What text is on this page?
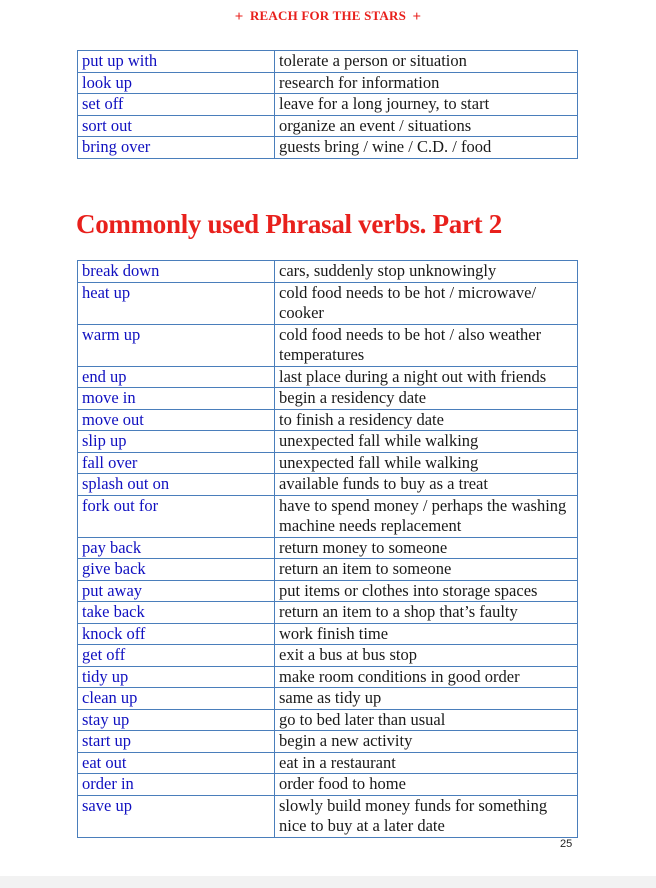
+ REACH FOR THE STARS +
put up with	tolerate a person or situation
look up	research for information
set off	leave for a long journey, to start
sort out	organize an event / situations
bring over	guests bring / wine / C.D. / food
Commonly used Phrasal verbs. Part 2
break down	cars, suddenly stop unknowingly
heat up	cold food needs to be hot / microwave/ cooker
warm up	cold food needs to be hot / also weather temperatures
end up	last place during a night out with friends
move in	begin a residency date
move out	to finish a residency date
slip up	unexpected fall while walking
fall over	unexpected fall while walking
splash out on	available funds to buy as a treat
fork out for	have to spend money / perhaps the washing machine needs replacement
pay back	return money to someone
give back	return an item to someone
put away	put items or clothes into storage spaces
take back	return an item to a shop that’s faulty
knock off	work finish time
get off	exit a bus at bus stop
tidy up	make room conditions in good order
clean up	same as tidy up
stay up	go to bed later than usual
start up	begin a new activity
eat out	eat in a restaurant
order in	order food to home
save up	slowly build money funds for something nice to buy at a later date
25
